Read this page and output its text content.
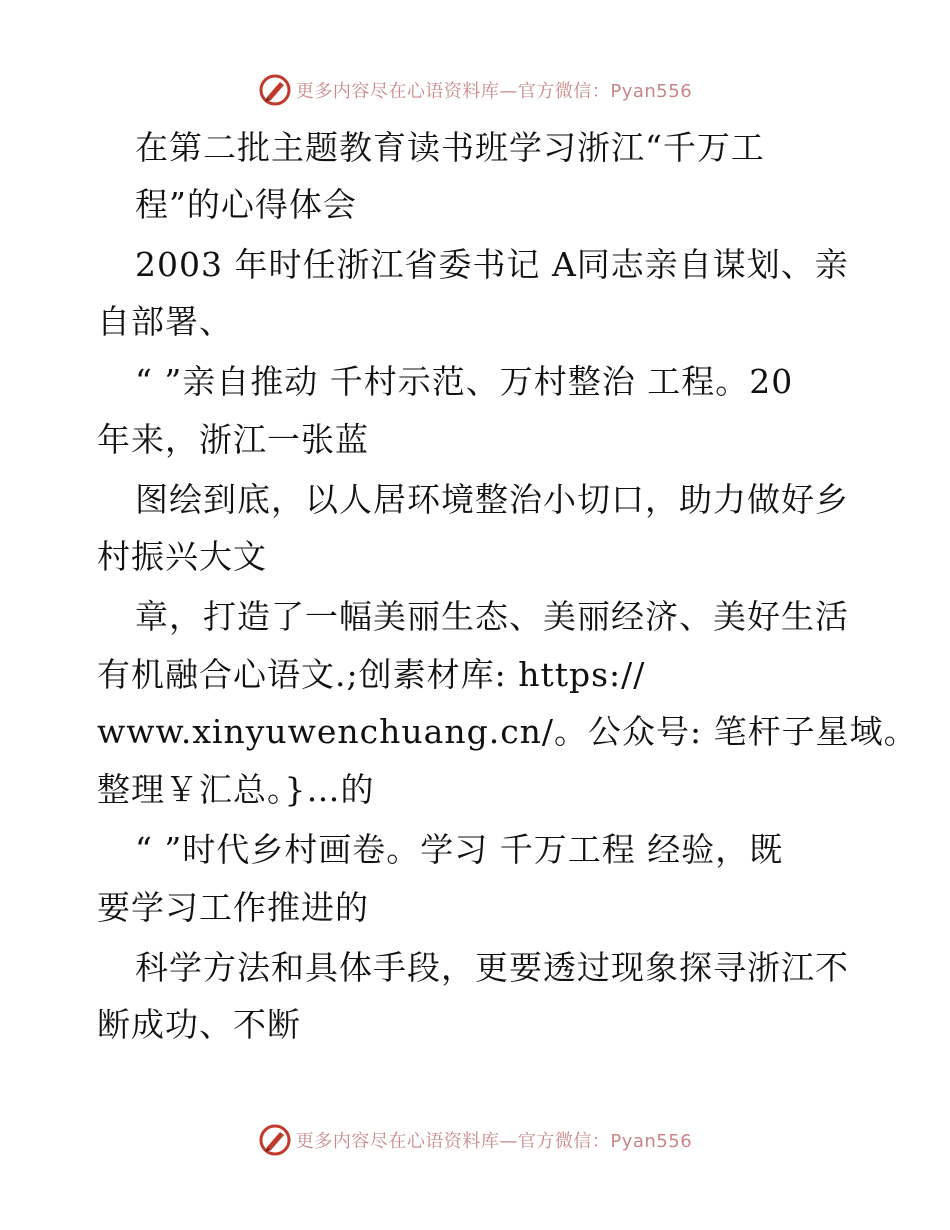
更多内容尽在心语资料库—官方微信：Pyan556
在第二批主题教育读书班学习浙江“千万工
程”的心得体会
2003 年时任浙江省委书记 A同志亲自谋划、亲
自部署、
“ ”亲自推动 千村示范、万村整治 工程。20
年来，浙江一张蓝
图绘到底，以人居环境整治小切口，助力做好乡
村振兴大文
章，打造了一幅美丽生态、美丽经济、美好生活
有机融合心语文.;创素材库: https://
www.xinyuwenchuang.cn/。公众号: 笔杆子星域。
整理￥汇总。}…的
“ ”时代乡村画卷。学习 千万工程 经验，既
要学习工作推进的
科学方法和具体手段，更要透过现象探寻浙江不
断成功、不断
更多内容尽在心语资料库—官方微信：Pyan556
